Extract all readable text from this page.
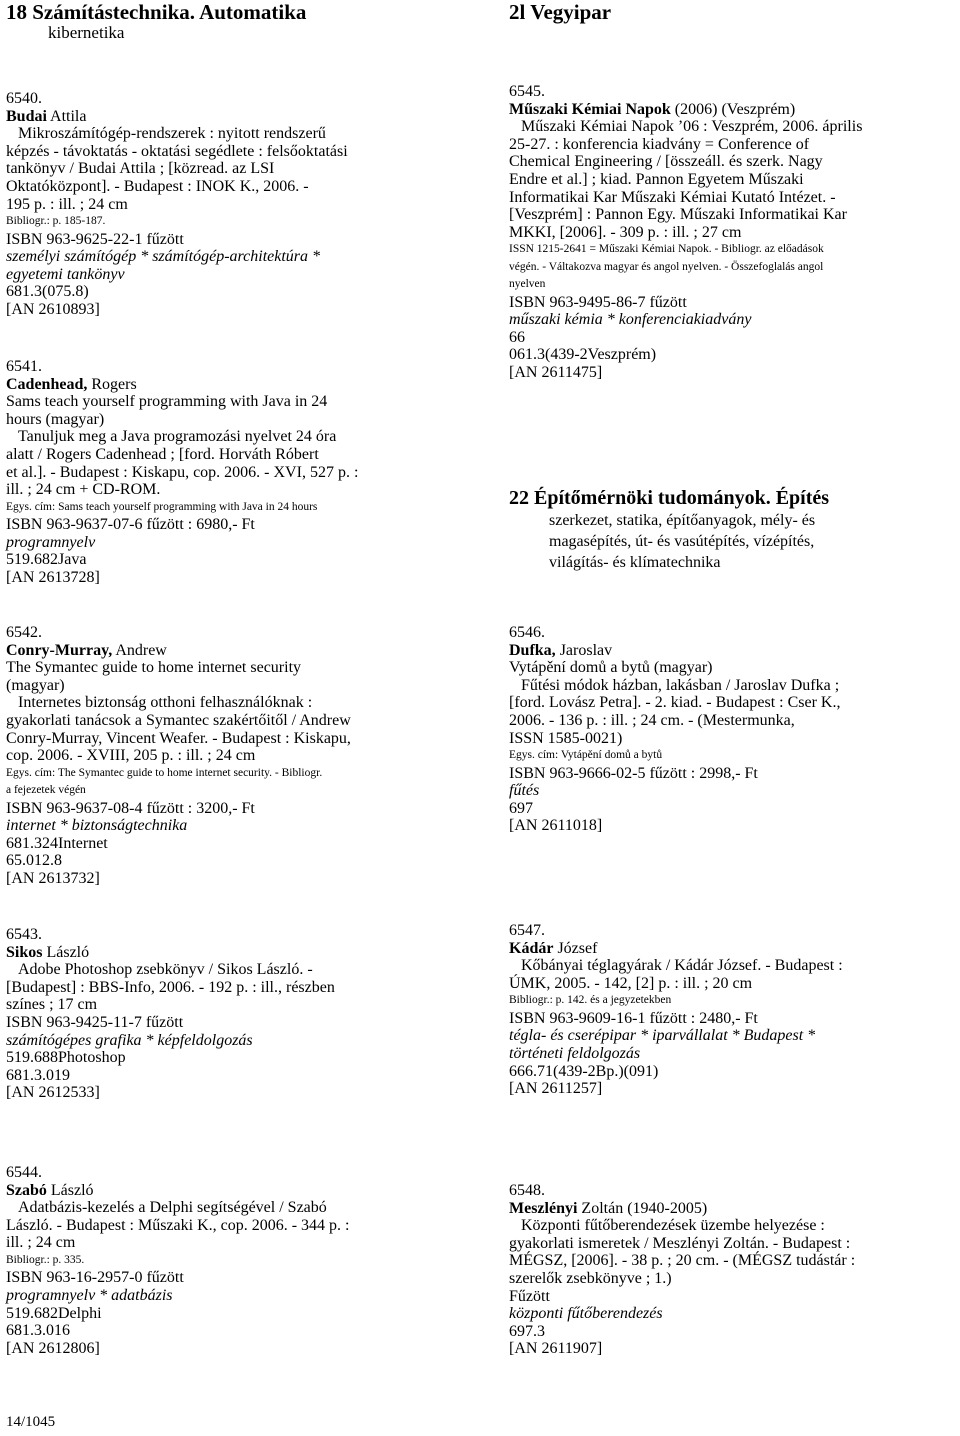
18 Számítástechnika. Automatika
kibernetika
2l Vegyipar
6540.
Budai Attila
Mikroszámítógép-rendszerek : nyitott rendszerű
képzés - távoktatás - oktatási segédlete : felsőoktatási
tankönyv / Budai Attila ; [közread. az LSI
Oktatóközpont]. - Budapest : INOK K., 2006. -
195 p. : ill. ; 24 cm
Bibliogr.: p. 185-187.
ISBN 963-9625-22-1 fűzött
személyi számítógép * számítógép-architektúra *
egyetemi tankönyv
681.3(075.8)
[AN 2610893]
6541.
Cadenhead, Rogers
Sams teach yourself programming with Java in 24
hours (magyar)
Tanuljuk meg a Java programozási nyelvet 24 óra
alatt / Rogers Cadenhead ; [ford. Horváth Róbert
et al.]. - Budapest : Kiskapu, cop. 2006. - XVI, 527 p. :
ill. ; 24 cm + CD-ROM.
Egys. cím: Sams teach yourself programming with Java in 24 hours
ISBN 963-9637-07-6 fűzött : 6980,- Ft
programnyelv
519.682Java
[AN 2613728]
6542.
Conry-Murray, Andrew
The Symantec guide to home internet security
(magyar)
Internetes biztonság otthoni felhasználóknak :
gyakorlati tanácsok a Symantec szakértőitől / Andrew
Conry-Murray, Vincent Weafer. - Budapest : Kiskapu,
cop. 2006. - XVIII, 205 p. : ill. ; 24 cm
Egys. cím: The Symantec guide to home internet security. - Bibliogr.
a fejezetek végén
ISBN 963-9637-08-4 fűzött : 3200,- Ft
internet * biztonságtechnika
681.324Internet
65.012.8
[AN 2613732]
6543.
Sikos László
Adobe Photoshop zsebkönyv / Sikos László. -
[Budapest] : BBS-Info, 2006. - 192 p. : ill., részben
színes ; 17 cm
ISBN 963-9425-11-7 fűzött
számítógépes grafika * képfeldolgozás
519.688Photoshop
681.3.019
[AN 2612533]
6544.
Szabó László
Adatbázis-kezelés a Delphi segítségével / Szabó
László. - Budapest : Műszaki K., cop. 2006. - 344 p. :
ill. ; 24 cm
Bibliogr.: p. 335.
ISBN 963-16-2957-0 fűzött
programnyelv * adatbázis
519.682Delphi
681.3.016
[AN 2612806]
6545.
Műszaki Kémiai Napok (2006) (Veszprém)
Műszaki Kémiai Napok ’06 : Veszprém, 2006. április
25-27. : konferencia kiadvány = Conference of
Chemical Engineering / [összeáll. és szerk. Nagy
Endre et al.] ; kiad. Pannon Egyetem Műszaki
Informatikai Kar Műszaki Kémiai Kutató Intézet. -
[Veszprém] : Pannon Egy. Műszaki Informatikai Kar
MKKI, [2006]. - 309 p. : ill. ; 27 cm
ISSN 1215-2641 = Műszaki Kémiai Napok. - Bibliogr. az előadások
végén. - Váltakozva magyar és angol nyelven. - Összefoglalás angol
nyelven
ISBN 963-9495-86-7 fűzött
műszaki kémia * konferenciakiadvány
66
061.3(439-2Veszprém)
[AN 2611475]
22 Építőmérnöki tudományok. Építés
szerkezet, statika, építőanyagok, mély- és
magasépítés, út- és vasútépítés, vízépítés,
világítás- és klímatechnika
6546.
Dufka, Jaroslav
Vytápění domů a bytů (magyar)
Fűtési módok házban, lakásban / Jaroslav Dufka ;
[ford. Lovász Petra]. - 2. kiad. - Budapest : Cser K.,
2006. - 136 p. : ill. ; 24 cm. - (Mestermunka,
ISSN 1585-0021)
Egys. cím: Vytápění domů a bytů
ISBN 963-9666-02-5 fűzött : 2998,- Ft
fűtés
697
[AN 2611018]
6547.
Kádár József
Kőbányai téglagyárak / Kádár József. - Budapest :
ÚMK, 2005. - 142, [2] p. : ill. ; 20 cm
Bibliogr.: p. 142. és a jegyzetekben
ISBN 963-9609-16-1 fűzött : 2480,- Ft
tégla- és cserépipar * iparvállalat * Budapest *
történeti feldolgozás
666.71(439-2Bp.)(091)
[AN 2611257]
6548.
Meszlényi Zoltán (1940-2005)
Központi fűtőberendezések üzembe helyezése :
gyakorlati ismeretek / Meszlényi Zoltán. - Budapest :
MÉGSZ, [2006]. - 38 p. ; 20 cm. - (MÉGSZ tudástár :
szerelők zsebkönyve ; 1.)
Fűzött
központi fűtőberendezés
697.3
[AN 2611907]
14/1045
